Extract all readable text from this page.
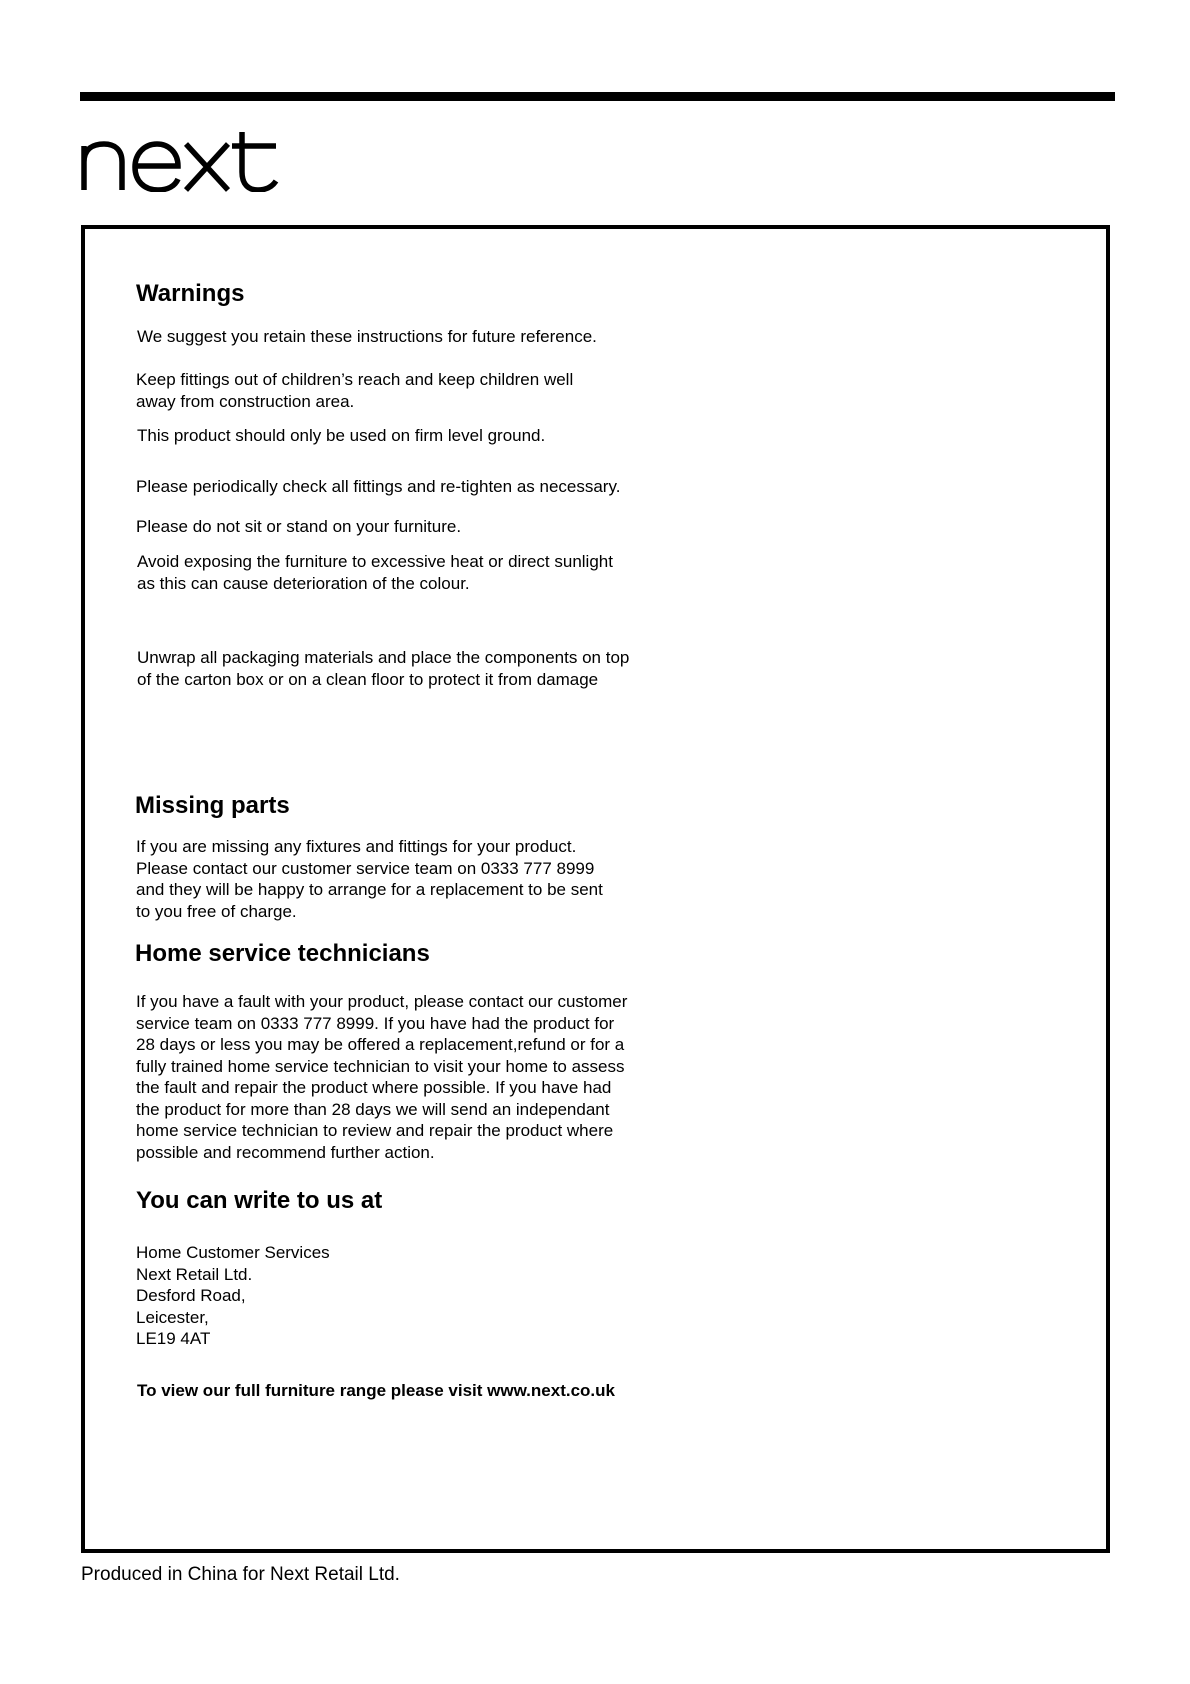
Warnings
We suggest you retain these instructions for future reference.
Keep fittings out of children’s reach and keep children well
away from construction area.
This product should only be used on firm level ground.
Please periodically check all fittings and re-tighten as necessary.
Please do not sit or stand on your furniture.
Avoid exposing the furniture to excessive heat or direct sunlight
as this can cause deterioration of the colour.
Unwrap all packaging materials and place the components on top
of the carton box or on a clean floor to protect it from damage
Missing parts
If you are missing any fixtures and fittings for your product.
Please contact our customer service team on 0333 777 8999
and they will be happy to arrange for a replacement to be sent
to you free of charge.
Home service technicians
If you have a fault with your product, please contact our customer
service team on 0333 777 8999. If you have had the product for
28 days or less you may be offered a replacement,refund or for a
fully trained home service technician to visit your home to assess
the fault and repair the product where possible. If you have had
the product for more than 28 days we will send an independant
home service technician to review and repair the product where
possible and recommend further action.
You can write to us at
Home Customer Services
Next Retail Ltd.
Desford Road,
Leicester,
LE19 4AT
To view our full furniture range please visit www.next.co.uk
Produced in China for Next Retail Ltd.
